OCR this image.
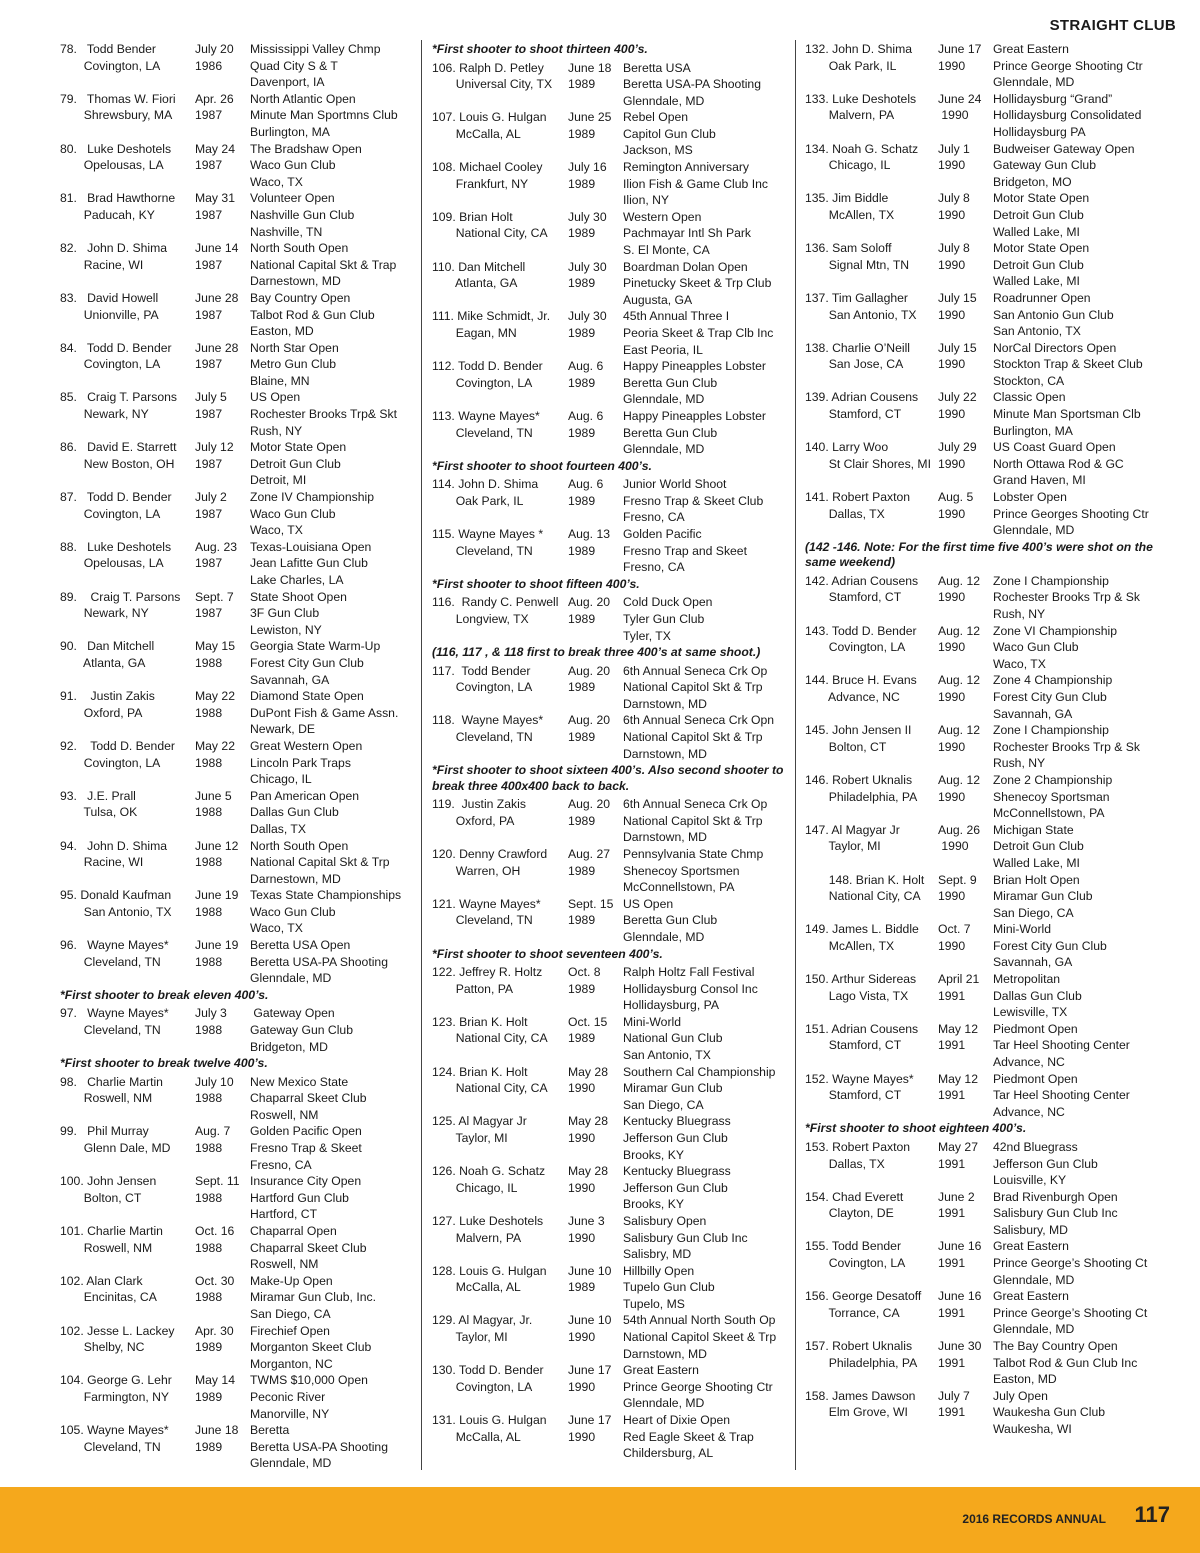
STRAIGHT CLUB
78.   Todd Bender
Covington, LA
July 20
1986
Mississippi Valley Chmp
Quad City S & T
Davenport, IA
79.   Thomas W. Fiori
Shrewsbury, MA
Apr. 26
1987
North Atlantic Open
Minute Man Sportmns Club
Burlington, MA
80.   Luke Deshotels
Opelousas, LA
May 24
1987
The Bradshaw Open
Waco Gun Club
Waco, TX
81.   Brad Hawthorne
Paducah, KY
May 31
1987
Volunteer Open
Nashville Gun Club
Nashville, TN
82.   John D. Shima
Racine, WI
June 14
1987
North South Open
National Capital Skt & Trap
Darnestown, MD
83.   David Howell
Unionville, PA
June 28
1987
Bay Country Open
Talbot Rod & Gun Club
Easton, MD
84.   Todd D. Bender
Covington, LA
June 28
1987
North Star Open
Metro Gun Club
Blaine, MN
85.   Craig T. Parsons
Newark, NY
July 5
1987
US Open
Rochester Brooks Trp& Skt
Rush, NY
86.   David E. Starrett
New Boston, OH
July 12
1987
Motor State Open
Detroit Gun Club
Detroit, MI
87.   Todd D. Bender
Covington, LA
July 2
1987
Zone IV Championship
Waco Gun Club
Waco, TX
88.   Luke Deshotels
Opelousas, LA
Aug. 23
1987
Texas-Louisiana Open
Jean Lafitte Gun Club
Lake Charles, LA
89.    Craig T. Parsons
Newark, NY
Sept. 7
1987
State Shoot Open
3F Gun Club
Lewiston, NY
90.   Dan Mitchell
Atlanta, GA
May 15
1988
Georgia State Warm-Up
Forest City Gun Club
Savannah, GA
91.    Justin Zakis
Oxford, PA
May 22
1988
Diamond State Open
DuPont Fish & Game Assn.
Newark, DE
92.    Todd D. Bender
Covington, LA
May 22
1988
Great Western Open
Lincoln Park Traps
Chicago, IL
93.   J.E. Prall
Tulsa, OK
June 5
1988
Pan American Open
Dallas Gun Club
Dallas, TX
94.   John D. Shima
Racine, WI
June 12
1988
North South Open
National Capital Skt & Trp
Darnestown, MD
95. Donald Kaufman
San Antonio, TX
June 19
1988
Texas State Championships
Waco Gun Club
Waco, TX
96.   Wayne Mayes*
Cleveland, TN
June 19
1988
Beretta USA Open
Beretta USA-PA Shooting
Glenndale, MD
*First shooter to break eleven 400’s.
97.   Wayne Mayes*
Cleveland, TN
July 3
1988
Gateway Open
Gateway Gun Club
Bridgeton, MD
*First shooter to break twelve 400’s.
98.   Charlie Martin
Roswell, NM
July 10
1988
New Mexico State
Chaparral Skeet Club
Roswell, NM
99.   Phil Murray
Glenn Dale, MD
Aug. 7
1988
Golden Pacific Open
Fresno Trap & Skeet
Fresno, CA
100. John Jensen
Bolton, CT
Sept. 11
1988
Insurance City Open
Hartford Gun Club
Hartford, CT
101. Charlie Martin
Roswell, NM
Oct. 16
1988
Chaparral Open
Chaparral Skeet Club
Roswell, NM
102. Alan Clark
Encinitas, CA
Oct. 30
1988
Make-Up Open
Miramar Gun Club, Inc.
San Diego, CA
102. Jesse L. Lackey
Shelby, NC
Apr. 30
1989
Firechief Open
Morganton Skeet Club
Morganton, NC
104. George G. Lehr
Farmington, NY
May 14
1989
TWMS $10,000 Open
Peconic River
Manorville, NY
105. Wayne Mayes*
Cleveland, TN
June 18
1989
Beretta
Beretta USA-PA Shooting
Glenndale, MD
*First shooter to shoot thirteen 400’s.
106. Ralph D. Petley
Universal City, TX
June 18
1989
Beretta USA
Beretta USA-PA Shooting
Glenndale, MD
107. Louis G. Hulgan
McCalla, AL
June 25
1989
Rebel Open
Capitol Gun Club
Jackson, MS
108. Michael Cooley
Frankfurt, NY
July 16
1989
Remington Anniversary
Ilion Fish & Game Club Inc
Ilion, NY
109. Brian Holt
National City, CA
July 30
1989
Western Open
Pachmayar Intl Sh Park
S. El Monte, CA
110. Dan Mitchell
Atlanta, GA
July 30
1989
Boardman Dolan Open
Pinetucky Skeet & Trp Club
Augusta, GA
111. Mike Schmidt, Jr.
Eagan, MN
July 30
1989
45th Annual Three I
Peoria Skeet & Trap Clb Inc
East Peoria, IL
112. Todd D. Bender
Covington, LA
Aug. 6
1989
Happy Pineapples Lobster
Beretta Gun Club
Glenndale, MD
113. Wayne Mayes*
Cleveland, TN
Aug. 6
1989
Happy Pineapples Lobster
Beretta Gun Club
Glenndale, MD
*First shooter to shoot fourteen 400’s.
114. John D. Shima
Oak Park, IL
Aug. 6
1989
Junior World Shoot
Fresno Trap & Skeet Club
Fresno, CA
115. Wayne Mayes *
Cleveland, TN
Aug. 13
1989
Golden Pacific
Fresno Trap and Skeet
Fresno, CA
*First shooter to shoot fifteen 400’s.
116.  Randy C. Penwell
Longview, TX
Aug. 20
1989
Cold Duck Open
Tyler Gun Club
Tyler, TX
(116, 117 , & 118 first to break three 400’s at same shoot.)
117.  Todd Bender
Covington, LA
Aug. 20
1989
6th Annual Seneca Crk Op
National Capitol Skt & Trp
Darnstown, MD
118.  Wayne Mayes*
Cleveland, TN
Aug. 20
1989
6th Annual Seneca Crk Opn
National Capitol Skt & Trp
Darnstown, MD
*First shooter to shoot sixteen 400’s. Also second shooter to break three 400x400 back to back.
119.  Justin Zakis
Oxford, PA
Aug. 20
1989
6th Annual Seneca Crk Op
National Capitol Skt & Trp
Darnstown, MD
120. Denny Crawford
Warren, OH
Aug. 27
1989
Pennsylvania State Chmp
Shenecoy Sportsmen
McConnellstown, PA
121. Wayne Mayes*
Cleveland, TN
Sept. 15
1989
US Open
Beretta Gun Club
Glenndale, MD
*First shooter to shoot seventeen 400’s.
122. Jeffrey R. Holtz
Patton, PA
Oct. 8
1989
Ralph Holtz Fall Festival
Hollidaysburg Consol Inc
Hollidaysburg, PA
123. Brian K. Holt
National City, CA
Oct. 15
1989
Mini-World
National Gun Club
San Antonio, TX
124. Brian K. Holt
National City, CA
May 28
1990
Southern Cal Championship
Miramar Gun Club
San Diego, CA
125. Al Magyar Jr
Taylor, MI
May 28
1990
Kentucky Bluegrass
Jefferson Gun Club
Brooks, KY
126. Noah G. Schatz
Chicago, IL
May 28
1990
Kentucky Bluegrass
Jefferson Gun Club
Brooks, KY
127. Luke Deshotels
Malvern, PA
June 3
1990
Salisbury Open
Salisbury Gun Club Inc
Salisbry, MD
128. Louis G. Hulgan
McCalla, AL
June 10
1989
Hillbilly Open
Tupelo Gun Club
Tupelo, MS
129. Al Magyar, Jr.
Taylor, MI
June 10
1990
54th Annual North South Op
National Capitol Skeet & Trp
Darnstown, MD
130. Todd D. Bender
Covington, LA
June 17
1990
Great Eastern
Prince George Shooting Ctr
Glenndale, MD
131. Louis G. Hulgan
McCalla, AL
June 17
1990
Heart of Dixie Open
Red Eagle Skeet & Trap
Childersburg, AL
132. John D. Shima
Oak Park, IL
June 17
1990
Great Eastern
Prince George Shooting Ctr
Glenndale, MD
133. Luke Deshotels
Malvern, PA
June 24
1990
Hollidaysburg “Grand”
Hollidaysburg Consolidated
Hollidaysburg PA
134. Noah G. Schatz
Chicago, IL
July 1
1990
Budweiser Gateway Open
Gateway Gun Club
Bridgeton, MO
135. Jim Biddle
McAllen, TX
July 8
1990
Motor State Open
Detroit Gun Club
Walled Lake, MI
136. Sam Soloff
Signal Mtn, TN
July 8
1990
Motor State Open
Detroit Gun Club
Walled Lake, MI
137. Tim Gallagher
San Antonio, TX
July 15
1990
Roadrunner Open
San Antonio Gun Club
San Antonio, TX
138. Charlie O’Neill
San Jose, CA
July 15
1990
NorCal Directors Open
Stockton Trap & Skeet Club
Stockton, CA
139. Adrian Cousens
Stamford, CT
July 22
1990
Classic Open
Minute Man Sportsman Clb
Burlington, MA
140. Larry Woo
St Clair Shores, MI
July 29
1990
US Coast Guard Open
North Ottawa Rod & GC
Grand Haven, MI
141. Robert Paxton
Dallas, TX
Aug. 5
1990
Lobster Open
Prince Georges Shooting Ctr
Glenndale, MD
(142 -146. Note: For the first time five 400’s were shot on the same weekend)
142. Adrian Cousens
Stamford, CT
Aug. 12
1990
Zone I Championship
Rochester Brooks Trp & Sk
Rush, NY
143. Todd D. Bender
Covington, LA
Aug. 12
1990
Zone VI Championship
Waco Gun Club
Waco, TX
144. Bruce H. Evans
Advance, NC
Aug. 12
1990
Zone 4 Championship
Forest City Gun Club
Savannah, GA
145. John Jensen II
Bolton, CT
Aug. 12
1990
Zone I Championship
Rochester Brooks Trp & Sk
Rush, NY
146. Robert Uknalis
Philadelphia, PA
Aug. 12
1990
Zone 2 Championship
Shenecoy Sportsman
McConnellstown, PA
147. Al Magyar Jr
Taylor, MI
Aug. 26
1990
Michigan State
Detroit Gun Club
Walled Lake, MI
148. Brian K. Holt
National City, CA
Sept. 9
1990
Brian Holt Open
Miramar Gun Club
San Diego, CA
149. James L. Biddle
McAllen, TX
Oct. 7
1990
Mini-World
Forest City Gun Club
Savannah, GA
150. Arthur Sidereas
Lago Vista, TX
April 21
1991
Metropolitan
Dallas Gun Club
Lewisville, TX
151. Adrian Cousens
Stamford, CT
May 12
1991
Piedmont Open
Tar Heel Shooting Center
Advance, NC
152. Wayne Mayes*
Stamford, CT
May 12
1991
Piedmont Open
Tar Heel Shooting Center
Advance, NC
*First shooter to shoot eighteen 400’s.
153. Robert Paxton
Dallas, TX
May 27
1991
42nd Bluegrass
Jefferson Gun Club
Louisville, KY
154. Chad Everett
Clayton, DE
June 2
1991
Brad Rivenburgh Open
Salisbury Gun Club Inc
Salisbury, MD
155. Todd Bender
Covington, LA
June 16
1991
Great Eastern
Prince George’s Shooting Ct
Glenndale, MD
156. George Desatoff
Torrance, CA
June 16
1991
Great Eastern
Prince George’s Shooting Ct
Glenndale, MD
157. Robert Uknalis
Philadelphia, PA
June 30
1991
The Bay Country Open
Talbot Rod & Gun Club Inc
Easton, MD
158. James Dawson
Elm Grove, WI
July 7
1991
July Open
Waukesha Gun Club
Waukesha, WI
2016 RECORDS ANNUAL 117
